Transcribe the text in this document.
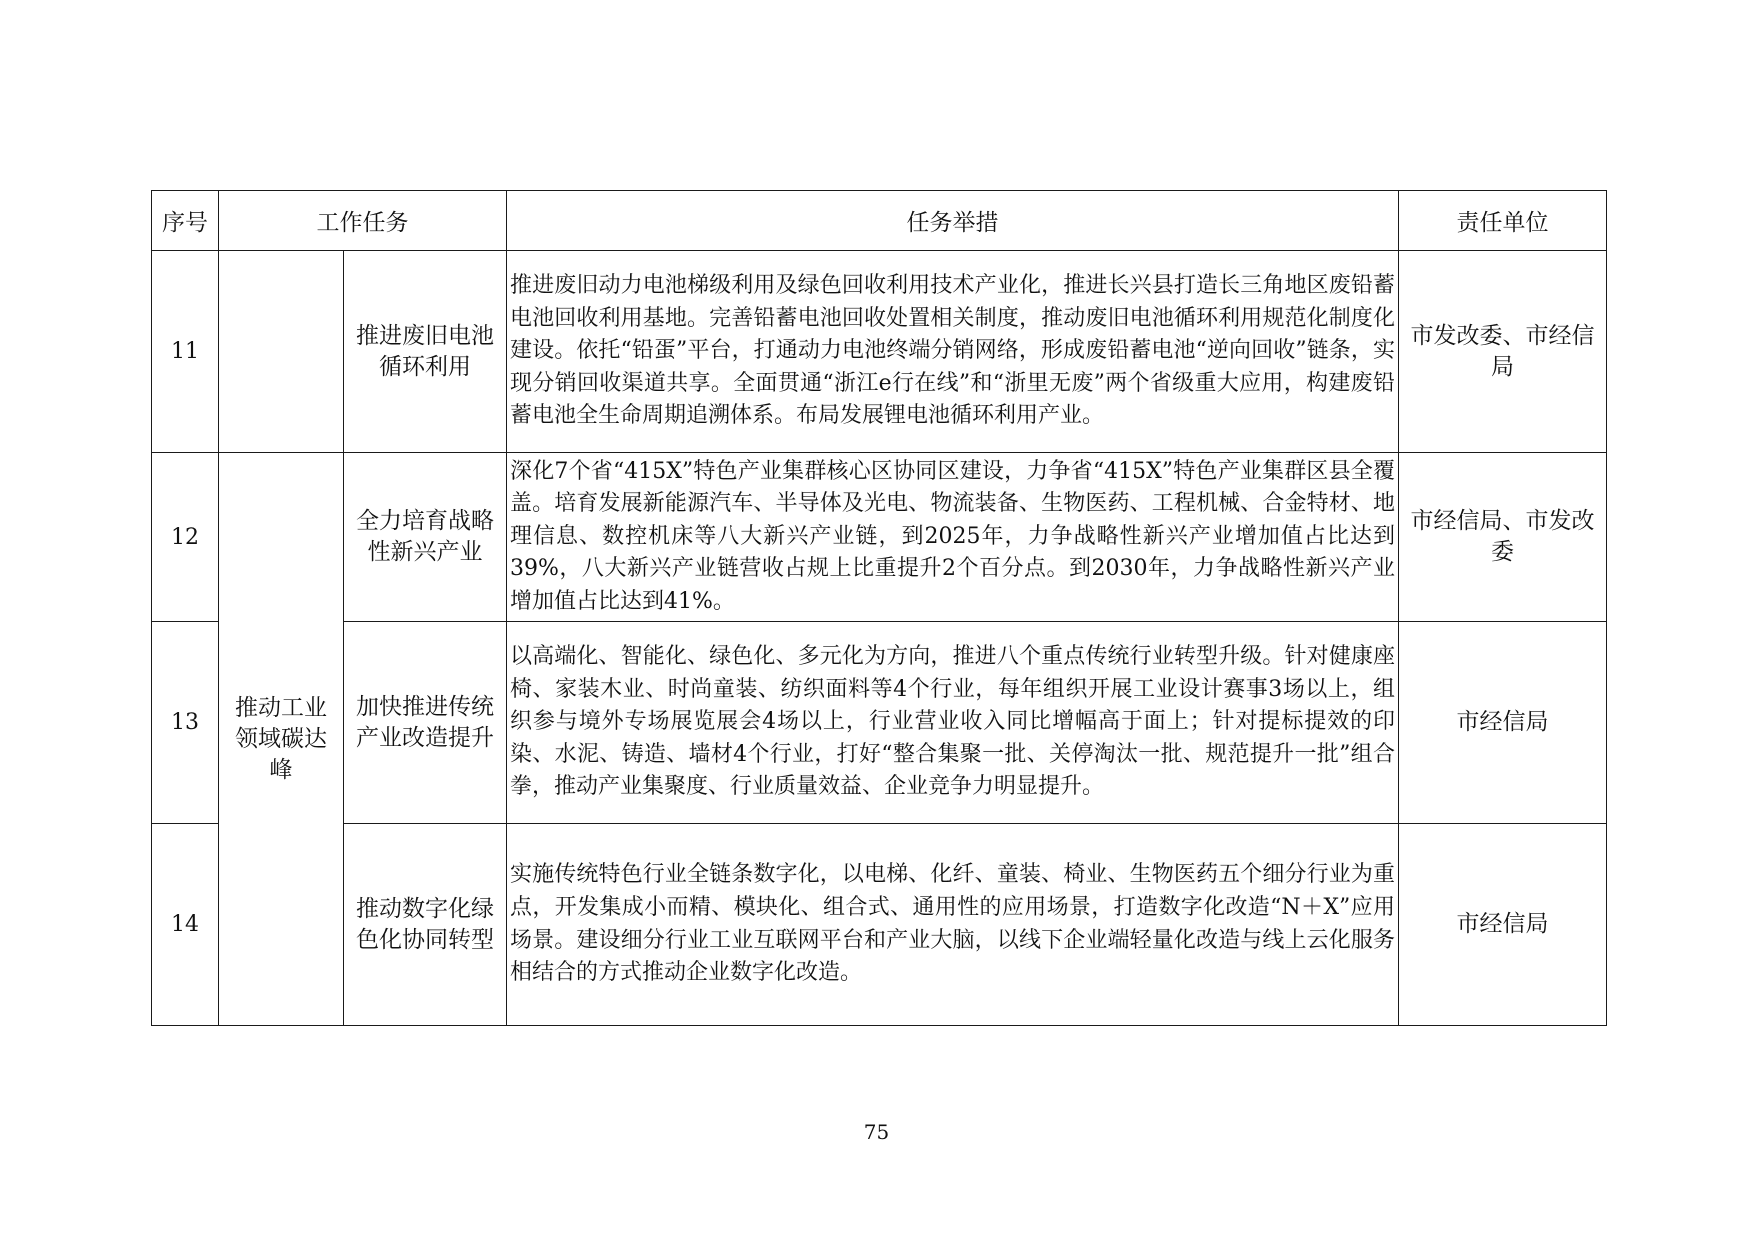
序号	工作任务		任务举措	责任单位
11		推进废旧电池循环利用	推进废旧动力电池梯级利用及绿色回收利用技术产业化，推进长兴县打造长三角地区废铅蓄电池回收利用基地。完善铅蓄电池回收处置相关制度，推动废旧电池循环利用规范化制度化建设。依托“铅蛋”平台，打通动力电池终端分销网络，形成废铅蓄电池“逆向回收”链条，实现分销回收渠道共享。全面贯通“浙江e行在线”和“浙里无废”两个省级重大应用，构建废铅蓄电池全生命周期追溯体系。布局发展锂电池循环利用产业。	市发改委、市经信局
12	推动工业领域碳达峰	全力培育战略性新兴产业	深化7个省“415X”特色产业集群核心区协同区建设，力争省“415X”特色产业集群区县全覆盖。培育发展新能源汽车、半导体及光电、物流装备、生物医药、工程机械、合金特材、地理信息、数控机床等八大新兴产业链，到2025年，力争战略性新兴产业增加值占比达到39%，八大新兴产业链营收占规上比重提升2个百分点。到2030年，力争战略性新兴产业增加值占比达到41%。	市经信局、市发改委
13		加快推进传统产业改造提升	以高端化、智能化、绿色化、多元化为方向，推进八个重点传统行业转型升级。针对健康座椅、家装木业、时尚童装、纺织面料等4个行业，每年组织开展工业设计赛事3场以上，组织参与境外专场展览展会4场以上，行业营业收入同比增幅高于面上；针对提标提效的印染、水泥、铸造、墙材4个行业，打好“整合集聚一批、关停淘汰一批、规范提升一批”组合拳，推动产业集聚度、行业质量效益、企业竞争力明显提升。	市经信局
14		推动数字化绿色化协同转型	实施传统特色行业全链条数字化，以电梯、化纤、童装、椅业、生物医药五个细分行业为重点，开发集成小而精、模块化、组合式、通用性的应用场景，打造数字化改造“N＋X”应用场景。建设细分行业工业互联网平台和产业大脑，以线下企业端轻量化改造与线上云化服务相结合的方式推动企业数字化改造。	市经信局
75
